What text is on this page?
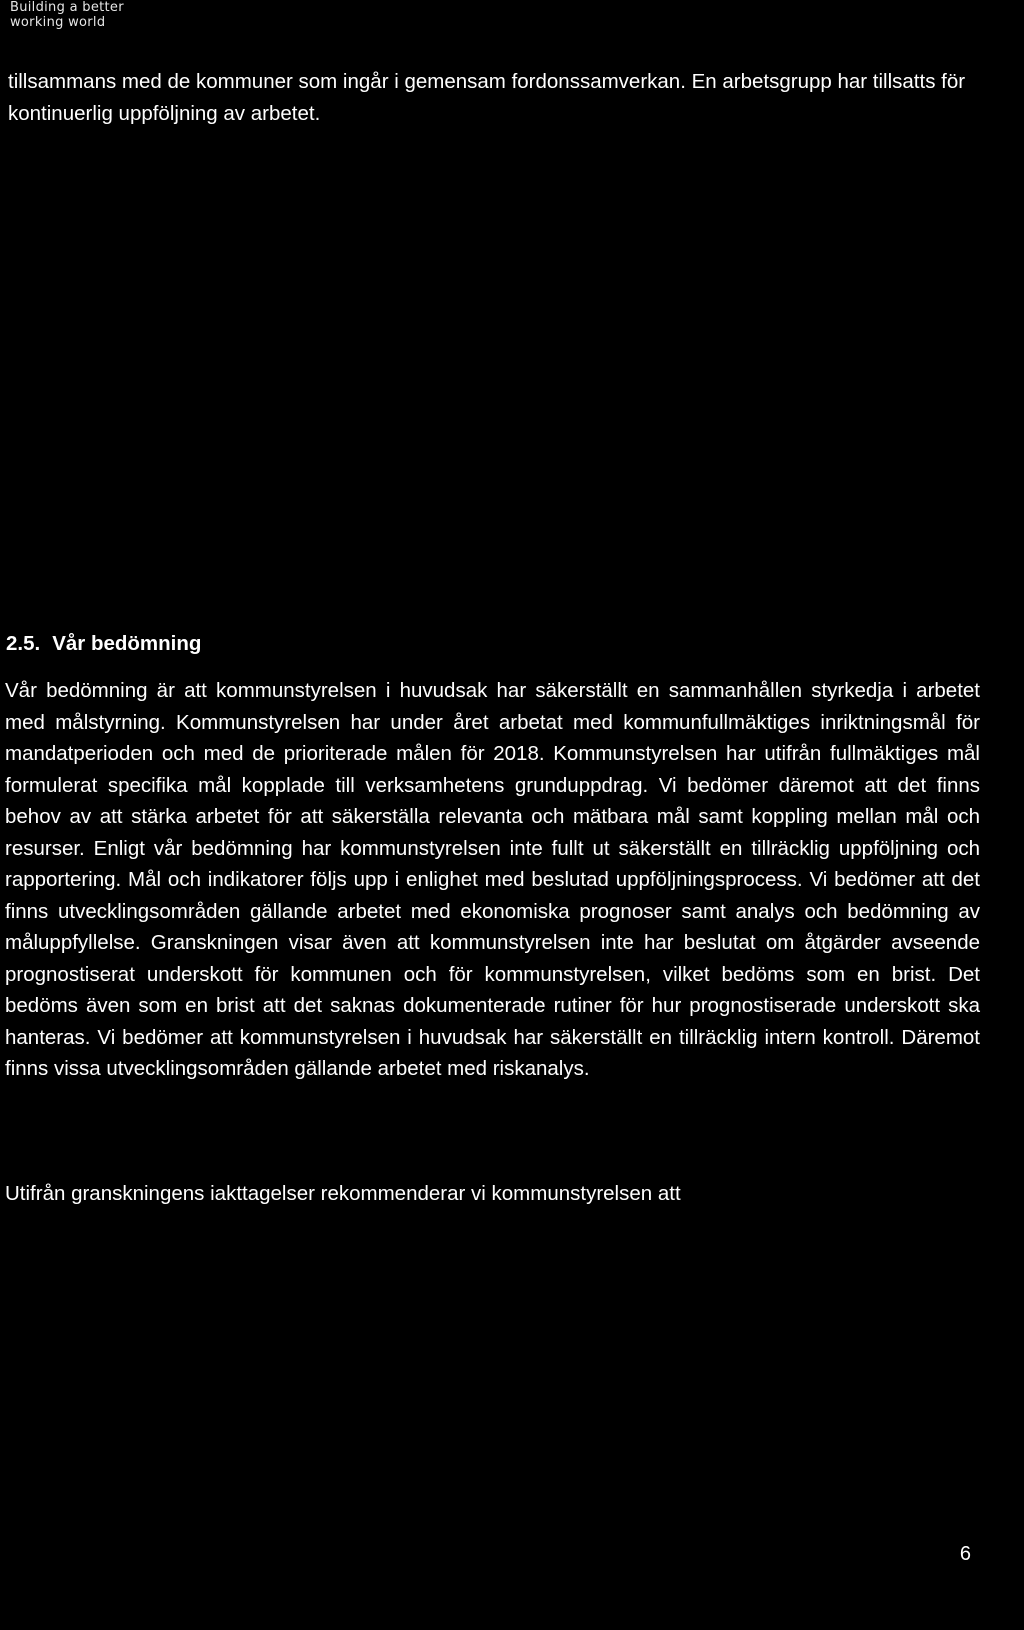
Building a better
working world

tillsammans med de kommuner som ingår i gemensam fordonssamverkan. En arbetsgrupp har tillsatts för kontinuerlig uppföljning av arbetet.

2.5. Vår bedömning

Vår bedömning är att kommunstyrelsen i huvudsak har säkerställt en sammanhållen styrkedja i arbetet med målstyrning. Kommunstyrelsen har under året arbetat med kommunfullmäktiges inriktningsmål för mandatperioden och med de prioriterade målen för 2018. Kommunstyrelsen har utifrån fullmäktiges mål formulerat specifika mål kopplade till verksamhetens grunduppdrag. Vi bedömer däremot att det finns behov av att stärka arbetet för att säkerställa relevanta och mätbara mål samt koppling mellan mål och resurser. Enligt vår bedömning har kommunstyrelsen inte fullt ut säkerställt en tillräcklig uppföljning och rapportering. Mål och indikatorer följs upp i enlighet med beslutad uppföljningsprocess. Vi bedömer att det finns utvecklingsområden gällande arbetet med ekonomiska prognoser samt analys och bedömning av måluppfyllelse. Granskningen visar även att kommunstyrelsen inte har beslutat om åtgärder avseende prognostiserat underskott för kommunen och för kommunstyrelsen, vilket bedöms som en brist. Det bedöms även som en brist att det saknas dokumenterade rutiner för hur prognostiserade underskott ska hanteras. Vi bedömer att kommunstyrelsen i huvudsak har säkerställt en tillräcklig intern kontroll. Däremot finns vissa utvecklingsområden gällande arbetet med riskanalys.

Utifrån granskningens iakttagelser rekommenderar vi kommunstyrelsen att

6
